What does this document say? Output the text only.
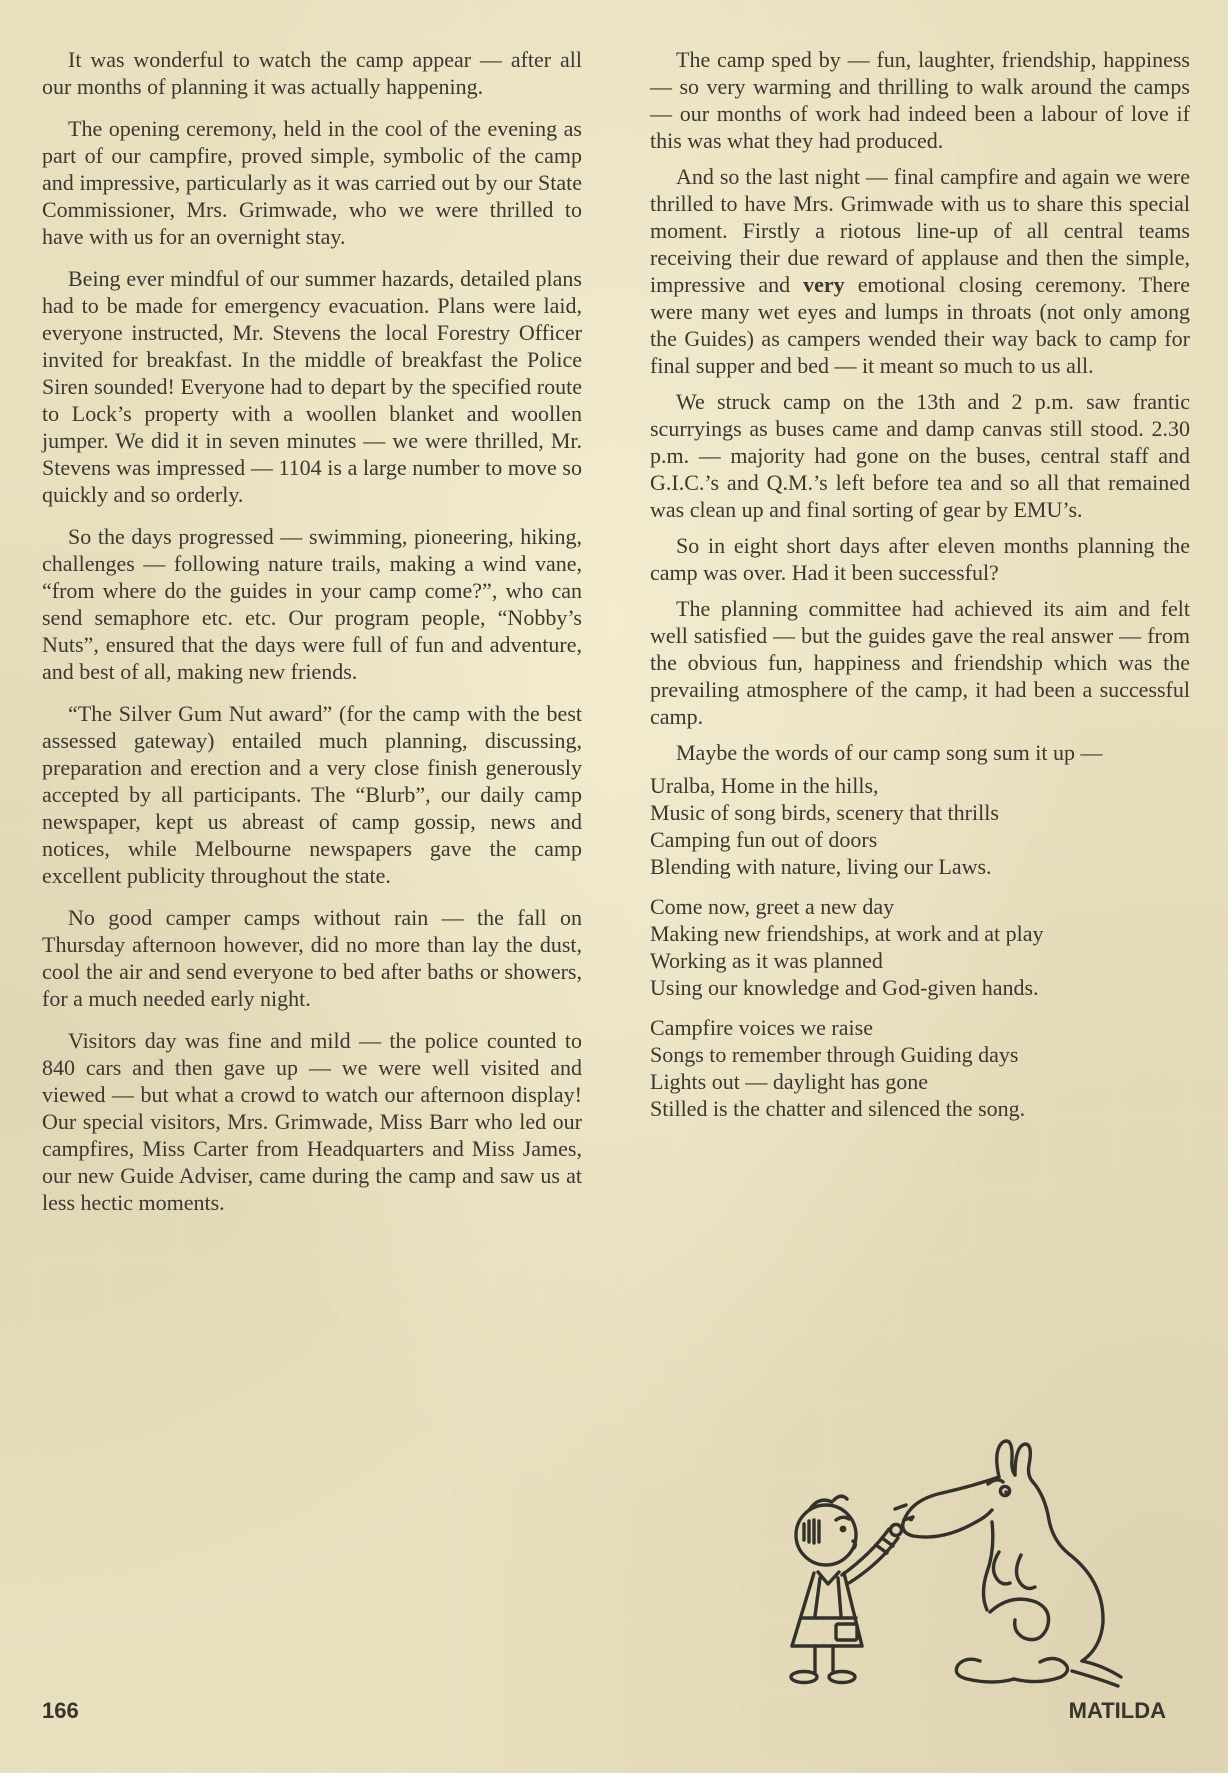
It was wonderful to watch the camp appear — after all our months of planning it was actually happening.

The opening ceremony, held in the cool of the evening as part of our campfire, proved simple, symbolic of the camp and impressive, particularly as it was carried out by our State Commissioner, Mrs. Grimwade, who we were thrilled to have with us for an overnight stay.

Being ever mindful of our summer hazards, detailed plans had to be made for emergency evacuation. Plans were laid, everyone instructed, Mr. Stevens the local Forestry Officer invited for breakfast. In the middle of breakfast the Police Siren sounded! Everyone had to depart by the specified route to Lock’s property with a woollen blanket and woollen jumper. We did it in seven minutes — we were thrilled, Mr. Stevens was impressed — 1104 is a large number to move so quickly and so orderly.

So the days progressed — swimming, pioneering, hiking, challenges — following nature trails, making a wind vane, “from where do the guides in your camp come?”, who can send semaphore etc. etc. Our program people, “Nobby’s Nuts”, ensured that the days were full of fun and adventure, and best of all, making new friends.

“The Silver Gum Nut award” (for the camp with the best assessed gateway) entailed much planning, discussing, preparation and erection and a very close finish generously accepted by all participants. The “Blurb”, our daily camp newspaper, kept us abreast of camp gossip, news and notices, while Melbourne newspapers gave the camp excellent publicity throughout the state.

No good camper camps without rain — the fall on Thursday afternoon however, did no more than lay the dust, cool the air and send everyone to bed after baths or showers, for a much needed early night.

Visitors day was fine and mild — the police counted to 840 cars and then gave up — we were well visited and viewed — but what a crowd to watch our afternoon display! Our special visitors, Mrs. Grimwade, Miss Barr who led our campfires, Miss Carter from Headquarters and Miss James, our new Guide Adviser, came during the camp and saw us at less hectic moments.

The camp sped by — fun, laughter, friendship, happiness — so very warming and thrilling to walk around the camps — our months of work had indeed been a labour of love if this was what they had produced.

And so the last night — final campfire and again we were thrilled to have Mrs. Grimwade with us to share this special moment. Firstly a riotous line-up of all central teams receiving their due reward of applause and then the simple, impressive and very emotional closing ceremony. There were many wet eyes and lumps in throats (not only among the Guides) as campers wended their way back to camp for final supper and bed — it meant so much to us all.

We struck camp on the 13th and 2 p.m. saw frantic scurryings as buses came and damp canvas still stood. 2.30 p.m. — majority had gone on the buses, central staff and G.I.C.’s and Q.M.’s left before tea and so all that remained was clean up and final sorting of gear by EMU’s.

So in eight short days after eleven months planning the camp was over. Had it been successful?

The planning committee had achieved its aim and felt well satisfied — but the guides gave the real answer — from the obvious fun, happiness and friendship which was the prevailing atmosphere of the camp, it had been a successful camp.

Maybe the words of our camp song sum it up —

Uralba, Home in the hills,
Music of song birds, scenery that thrills
Camping fun out of doors
Blending with nature, living our Laws.
Come now, greet a new day
Making new friendships, at work and at play
Working as it was planned
Using our knowledge and God-given hands.
Campfire voices we raise
Songs to remember through Guiding days
Lights out — daylight has gone
Stilled is the chatter and silenced the song.
166	MATILDA
